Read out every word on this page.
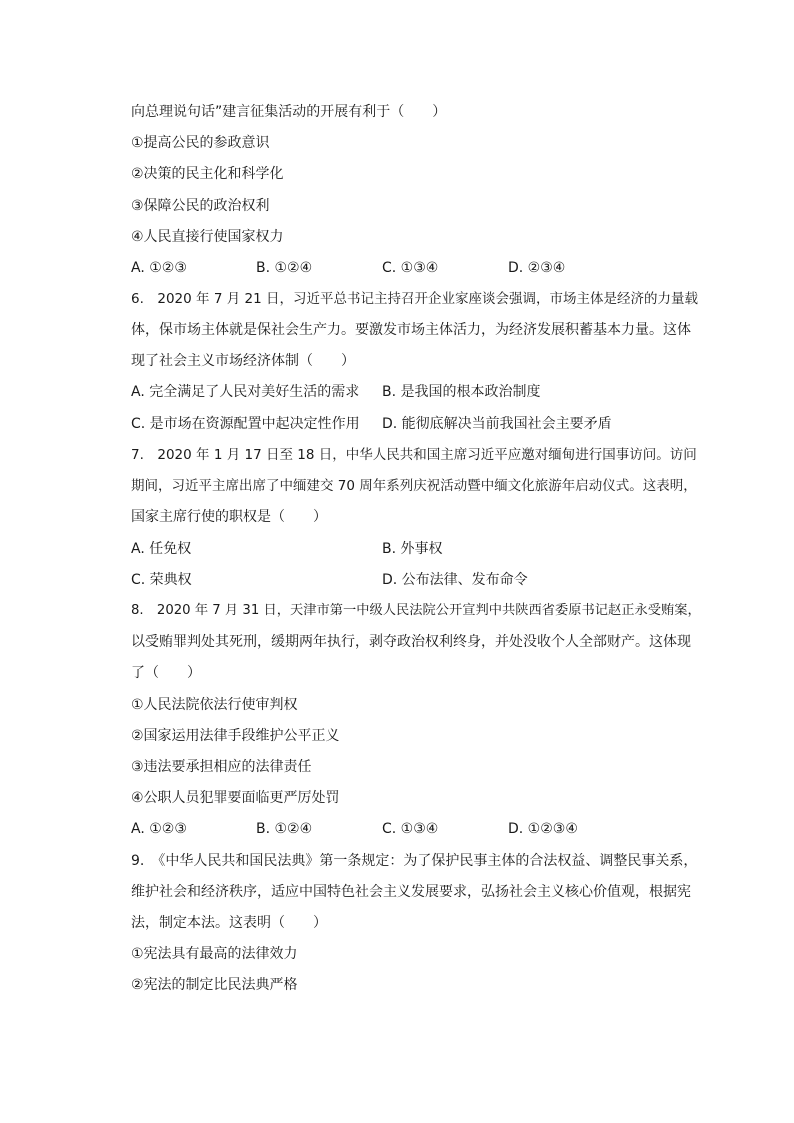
向总理说句话”建言征集活动的开展有利于（　　）
①提高公民的参政意识
②决策的民主化和科学化
③保障公民的政治权利
④人民直接行使国家权力
A. ①②③	B. ①②④	C. ①③④	D. ②③④
6.　2020 年 7 月 21 日，习近平总书记主持召开企业家座谈会强调，市场主体是经济的力量载
体，保市场主体就是保社会生产力。要激发市场主体活力，为经济发展积蓄基本力量。这体
现了社会主义市场经济体制（　　）
A. 完全满足了人民对美好生活的需求 B. 是我国的根本政治制度
C. 是市场在资源配置中起决定性作用 D. 能彻底解决当前我国社会主要矛盾
7.　2020 年 1 月 17 日至 18 日，中华人民共和国主席习近平应邀对缅甸进行国事访问。访问
期间，习近平主席出席了中缅建交 70 周年系列庆祝活动暨中缅文化旅游年启动仪式。这表明，
国家主席行使的职权是（　　）
A. 任免权	B. 外事权
C. 荣典权	D. 公布法律、发布命令
8.　2020 年 7 月 31 日，天津市第一中级人民法院公开宣判中共陕西省委原书记赵正永受贿案，
以受贿罪判处其死刑，缓期两年执行，剥夺政治权利终身，并处没收个人全部财产。这体现
了（　　）
①人民法院依法行使审判权
②国家运用法律手段维护公平正义
③违法要承担相应的法律责任
④公职人员犯罪要面临更严厉处罚
A. ①②③	B. ①②④	C. ①③④	D. ①②③④
9.　《中华人民共和国民法典》第一条规定：为了保护民事主体的合法权益、调整民事关系，
维护社会和经济秩序，适应中国特色社会主义发展要求，弘扬社会主义核心价值观，根据宪
法，制定本法。这表明（　　）
①宪法具有最高的法律效力
②宪法的制定比民法典严格
